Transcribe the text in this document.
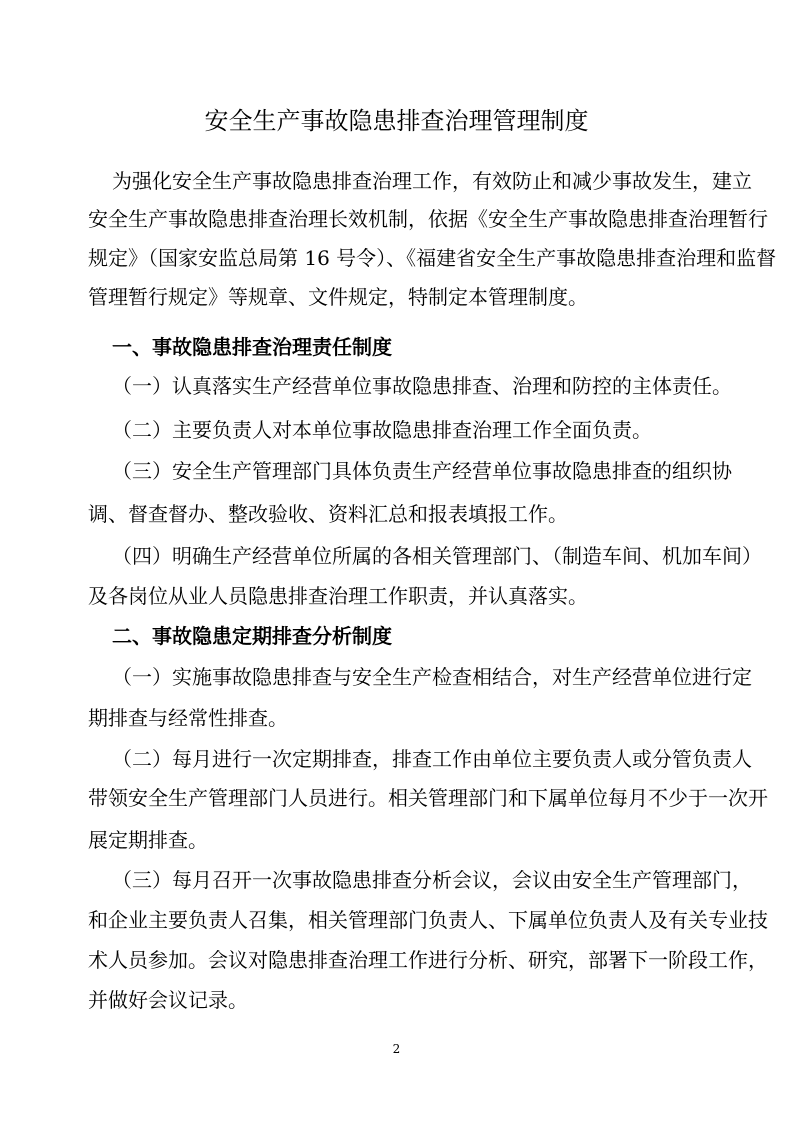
安全生产事故隐患排查治理管理制度
为强化安全生产事故隐患排查治理工作，有效防止和减少事故发生，建立
安全生产事故隐患排查治理长效机制，依据《安全生产事故隐患排查治理暂行
规定》（国家安监总局第 16 号令）、《福建省安全生产事故隐患排查治理和监督
管理暂行规定》等规章、文件规定，特制定本管理制度。
一、事故隐患排查治理责任制度
（一）认真落实生产经营单位事故隐患排查、治理和防控的主体责任。
（二）主要负责人对本单位事故隐患排查治理工作全面负责。
（三）安全生产管理部门具体负责生产经营单位事故隐患排查的组织协
调、督查督办、整改验收、资料汇总和报表填报工作。
（四）明确生产经营单位所属的各相关管理部门、（制造车间、机加车间）
及各岗位从业人员隐患排查治理工作职责，并认真落实。
二、事故隐患定期排查分析制度
（一）实施事故隐患排查与安全生产检查相结合，对生产经营单位进行定
期排查与经常性排查。
（二）每月进行一次定期排查，排查工作由单位主要负责人或分管负责人
带领安全生产管理部门人员进行。相关管理部门和下属单位每月不少于一次开
展定期排查。
（三）每月召开一次事故隐患排查分析会议，会议由安全生产管理部门，
和企业主要负责人召集，相关管理部门负责人、下属单位负责人及有关专业技
术人员参加。会议对隐患排查治理工作进行分析、研究，部署下一阶段工作，
并做好会议记录。
2
